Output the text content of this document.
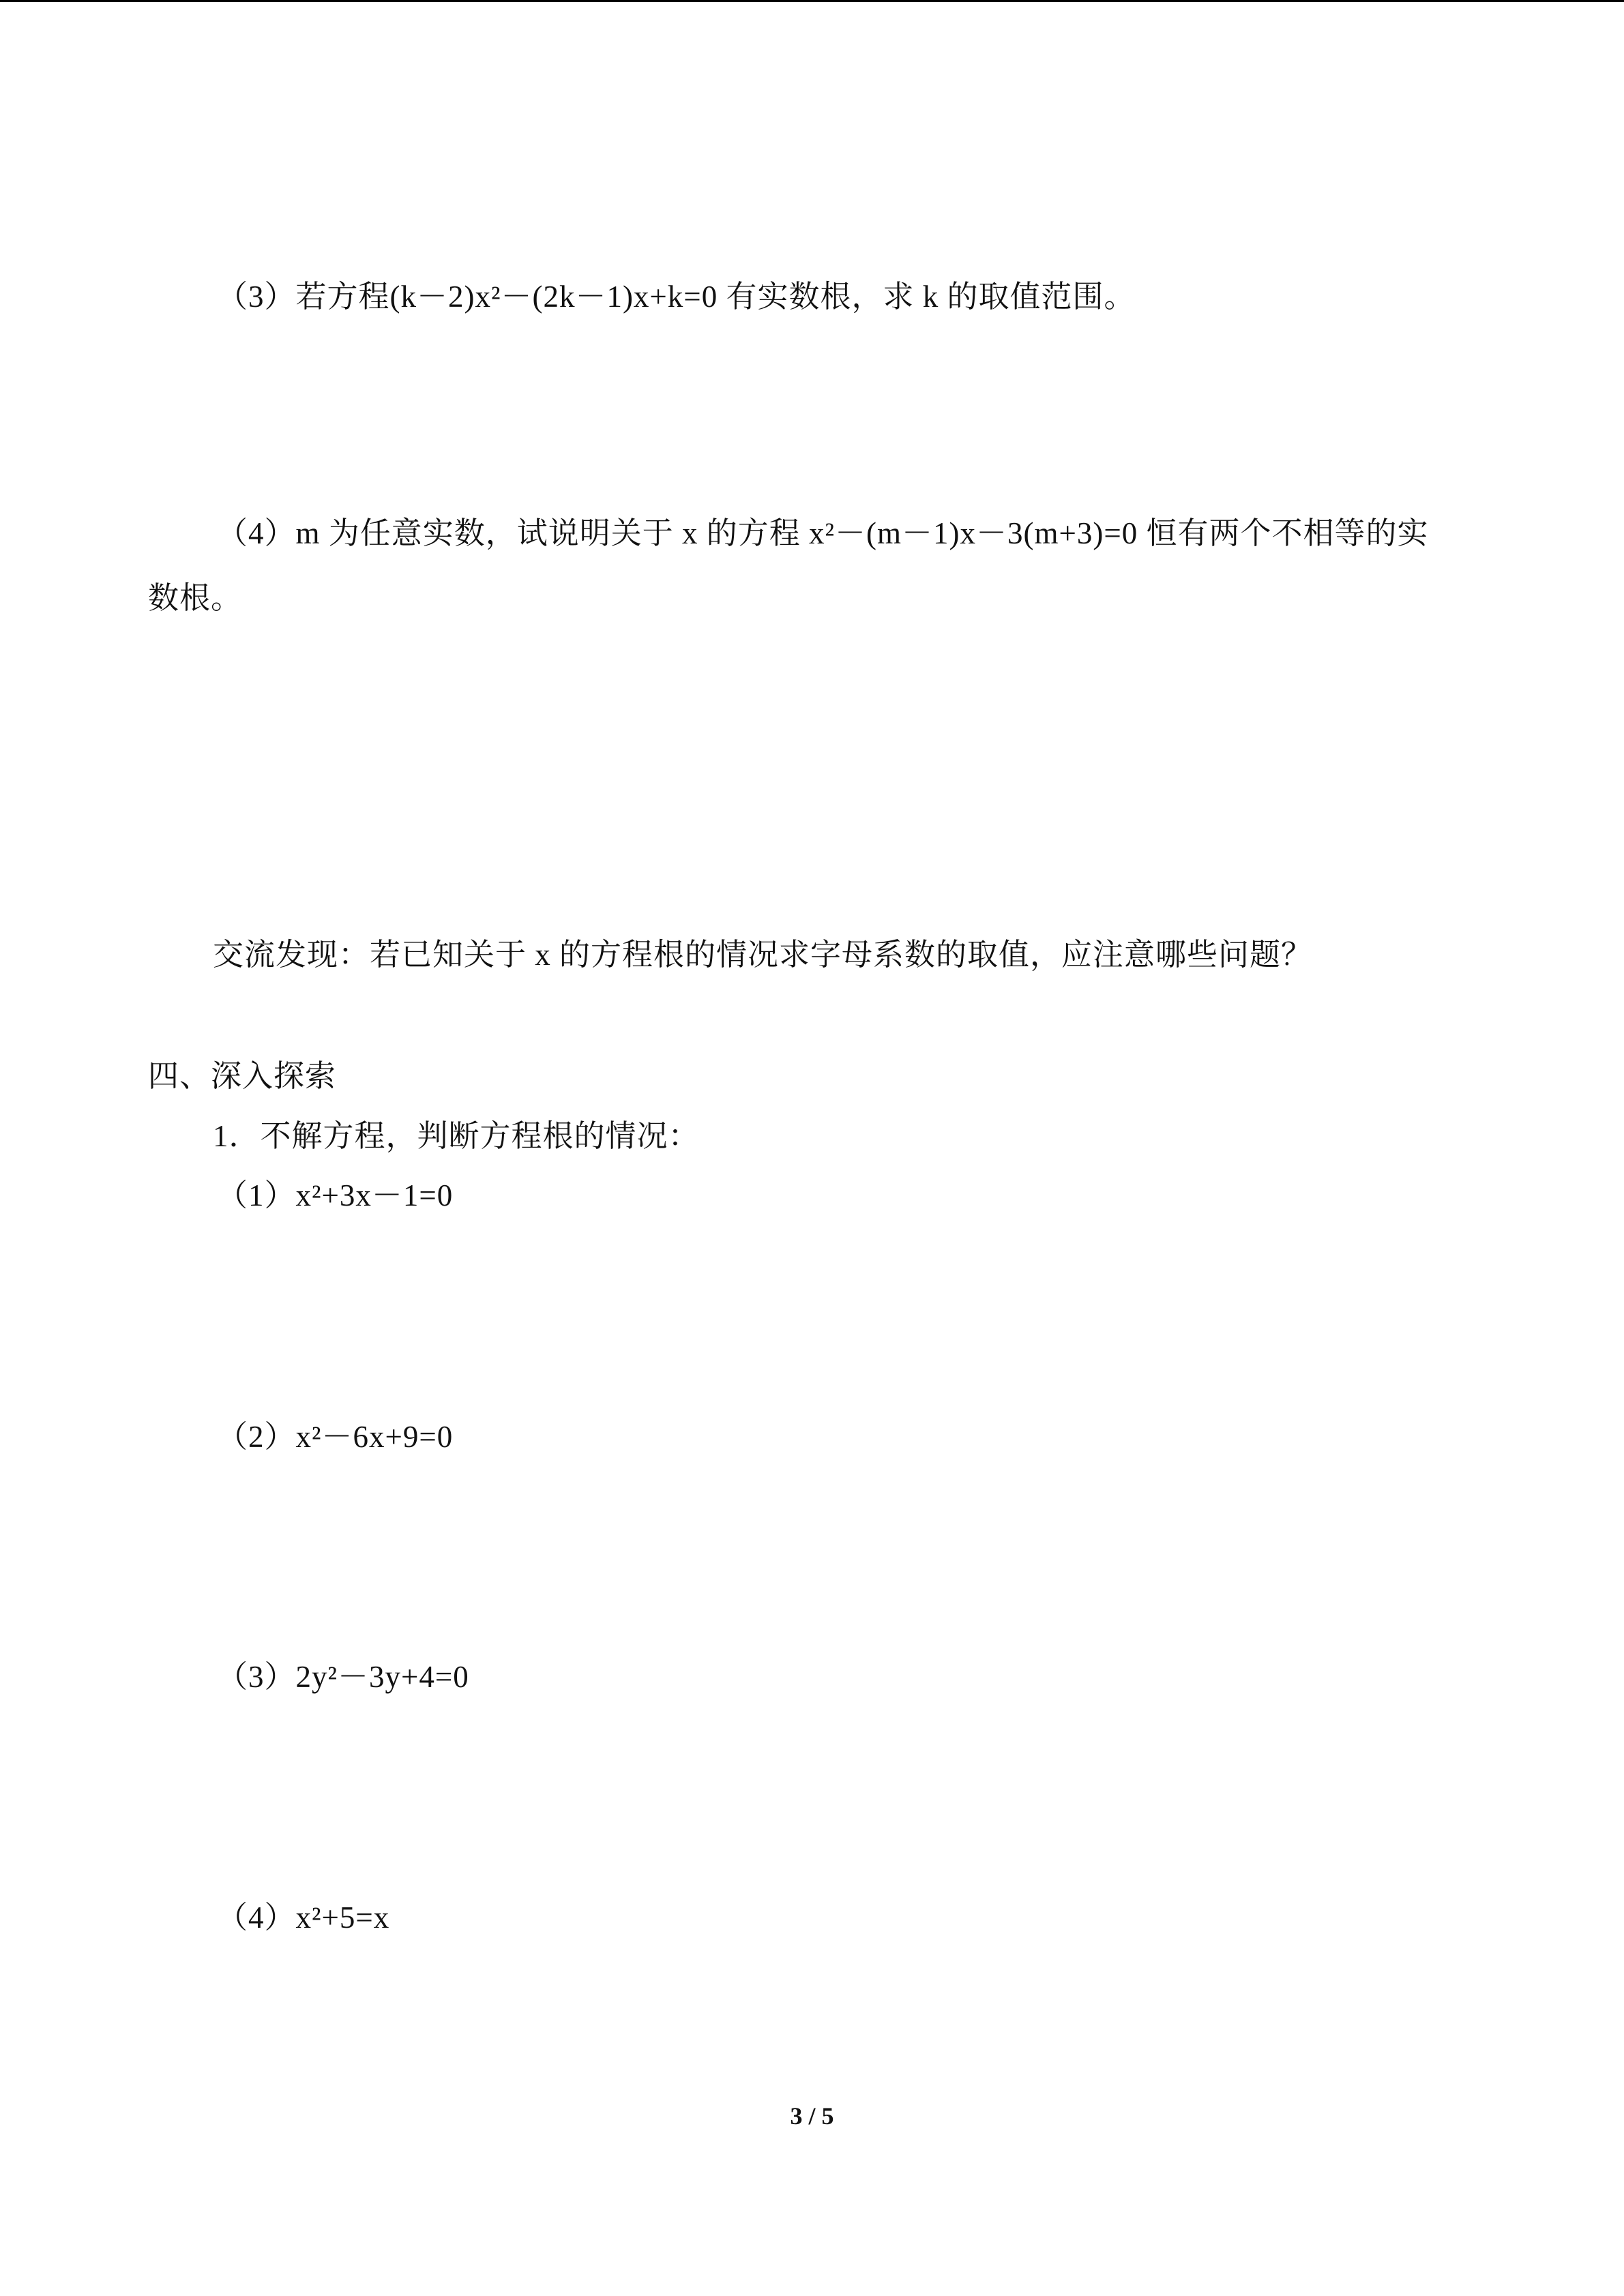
（3）若方程(k－2)x²－(2k－1)x+k=0 有实数根，求 k 的取值范围。
（4）m 为任意实数，试说明关于 x 的方程 x²－(m－1)x－3(m+3)=0 恒有两个不相等的实
数根。
交流发现：若已知关于 x 的方程根的情况求字母系数的取值，应注意哪些问题？
四、深入探索
1．不解方程，判断方程根的情况：
（1）x²+3x－1=0
（2）x²－6x+9=0
（3）2y²－3y+4=0
（4）x²+5=x
3 / 5
